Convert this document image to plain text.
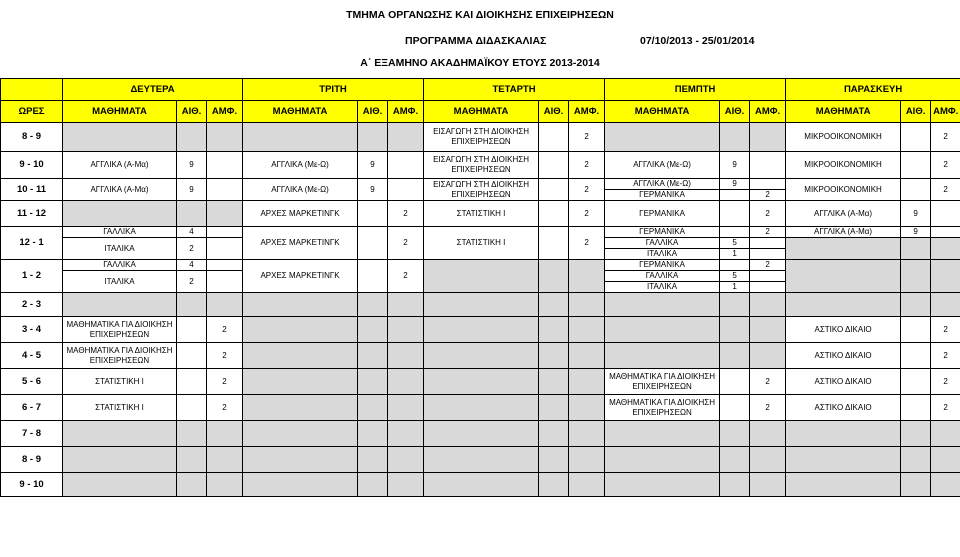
ΤΜΗΜΑ ΟΡΓΑΝΩΣΗΣ ΚΑΙ ΔΙΟΙΚΗΣΗΣ ΕΠΙΧΕΙΡΗΣΕΩΝ
ΠΡΟΓΡΑΜΜΑ ΔΙΔΑΣΚΑΛΙΑΣ	07/10/2013 - 25/01/2014
Α΄ ΕΞΑΜΗΝΟ ΑΚΑΔΗΜΑΪΚΟΥ ΕΤΟΥΣ 2013-2014
	ΔΕΥΤΕΡΑ			ΤΡΙΤΗ			ΤΕΤΑΡΤΗ			ΠΕΜΠΤΗ			ΠΑΡΑΣΚΕΥΗ		
ΩΡΕΣ	ΜΑΘΗΜΑΤΑ	ΑΙΘ.	ΑΜΦ.	ΜΑΘΗΜΑΤΑ	ΑΙΘ.	ΑΜΦ.	ΜΑΘΗΜΑΤΑ	ΑΙΘ.	ΑΜΦ.	ΜΑΘΗΜΑΤΑ	ΑΙΘ.	ΑΜΦ.	ΜΑΘΗΜΑΤΑ	ΑΙΘ.	ΑΜΦ.
8 - 9							ΕΙΣΑΓΩΓΗ ΣΤΗ ΔΙΟΙΚΗΣΗ ΕΠΙΧΕΙΡΗΣΕΩΝ		2				ΜΙΚΡΟΟΙΚΟΝΟΜΙΚΗ		2
9 - 10	ΑΓΓΛΙΚΑ (Α-Μα)	9		ΑΓΓΛΙΚΑ (Με-Ω)	9		ΕΙΣΑΓΩΓΗ ΣΤΗ ΔΙΟΙΚΗΣΗ ΕΠΙΧΕΙΡΗΣΕΩΝ		2	ΑΓΓΛΙΚΑ (Με-Ω)	9		ΜΙΚΡΟΟΙΚΟΝΟΜΙΚΗ		2
10 - 11	ΑΓΓΛΙΚΑ (Α-Μα)	9		ΑΓΓΛΙΚΑ (Με-Ω)	9		ΕΙΣΑΓΩΓΗ ΣΤΗ ΔΙΟΙΚΗΣΗ ΕΠΙΧΕΙΡΗΣΕΩΝ		2	ΑΓΓΛΙΚΑ (Με-Ω)	9		ΜΙΚΡΟΟΙΚΟΝΟΜΙΚΗ		2
										ΓΕΡΜΑΝΙΚΑ		2			
11 - 12				ΑΡΧΕΣ ΜΑΡΚΕΤΙΝΓΚ		2	ΣΤΑΤΙΣΤΙΚΗ Ι		2	ΓΕΡΜΑΝΙΚΑ		2	ΑΓΓΛΙΚΑ (Α-Μα)	9	
12 - 1	ΓΑΛΛΙΚΑ	4		ΑΡΧΕΣ ΜΑΡΚΕΤΙΝΓΚ		2	ΣΤΑΤΙΣΤΙΚΗ Ι		2	ΓΕΡΜΑΝΙΚΑ		2	ΑΓΓΛΙΚΑ (Α-Μα)	9	
	ΙΤΑΛΙΚΑ	2								ΓΑΛΛΙΚΑ	5				
										ΙΤΑΛΙΚΑ	1				
1 - 2	ΓΑΛΛΙΚΑ	4		ΑΡΧΕΣ ΜΑΡΚΕΤΙΝΓΚ		2				ΓΕΡΜΑΝΙΚΑ		2			
	ΙΤΑΛΙΚΑ	2								ΓΑΛΛΙΚΑ	5				
										ΙΤΑΛΙΚΑ	1				
2 - 3															
3 - 4	ΜΑΘΗΜΑΤΙΚΑ ΓΙΑ ΔΙΟΙΚΗΣΗ ΕΠΙΧΕΙΡΗΣΕΩΝ		2										ΑΣΤΙΚΟ ΔΙΚΑΙΟ		2
4 - 5	ΜΑΘΗΜΑΤΙΚΑ ΓΙΑ ΔΙΟΙΚΗΣΗ ΕΠΙΧΕΙΡΗΣΕΩΝ		2										ΑΣΤΙΚΟ ΔΙΚΑΙΟ		2
5 - 6	ΣΤΑΤΙΣΤΙΚΗ Ι		2							ΜΑΘΗΜΑΤΙΚΑ ΓΙΑ ΔΙΟΙΚΗΣΗ ΕΠΙΧΕΙΡΗΣΕΩΝ		2	ΑΣΤΙΚΟ ΔΙΚΑΙΟ		2
6 - 7	ΣΤΑΤΙΣΤΙΚΗ Ι		2							ΜΑΘΗΜΑΤΙΚΑ ΓΙΑ ΔΙΟΙΚΗΣΗ ΕΠΙΧΕΙΡΗΣΕΩΝ		2	ΑΣΤΙΚΟ ΔΙΚΑΙΟ		2
7 - 8															
8 - 9															
9 - 10															
